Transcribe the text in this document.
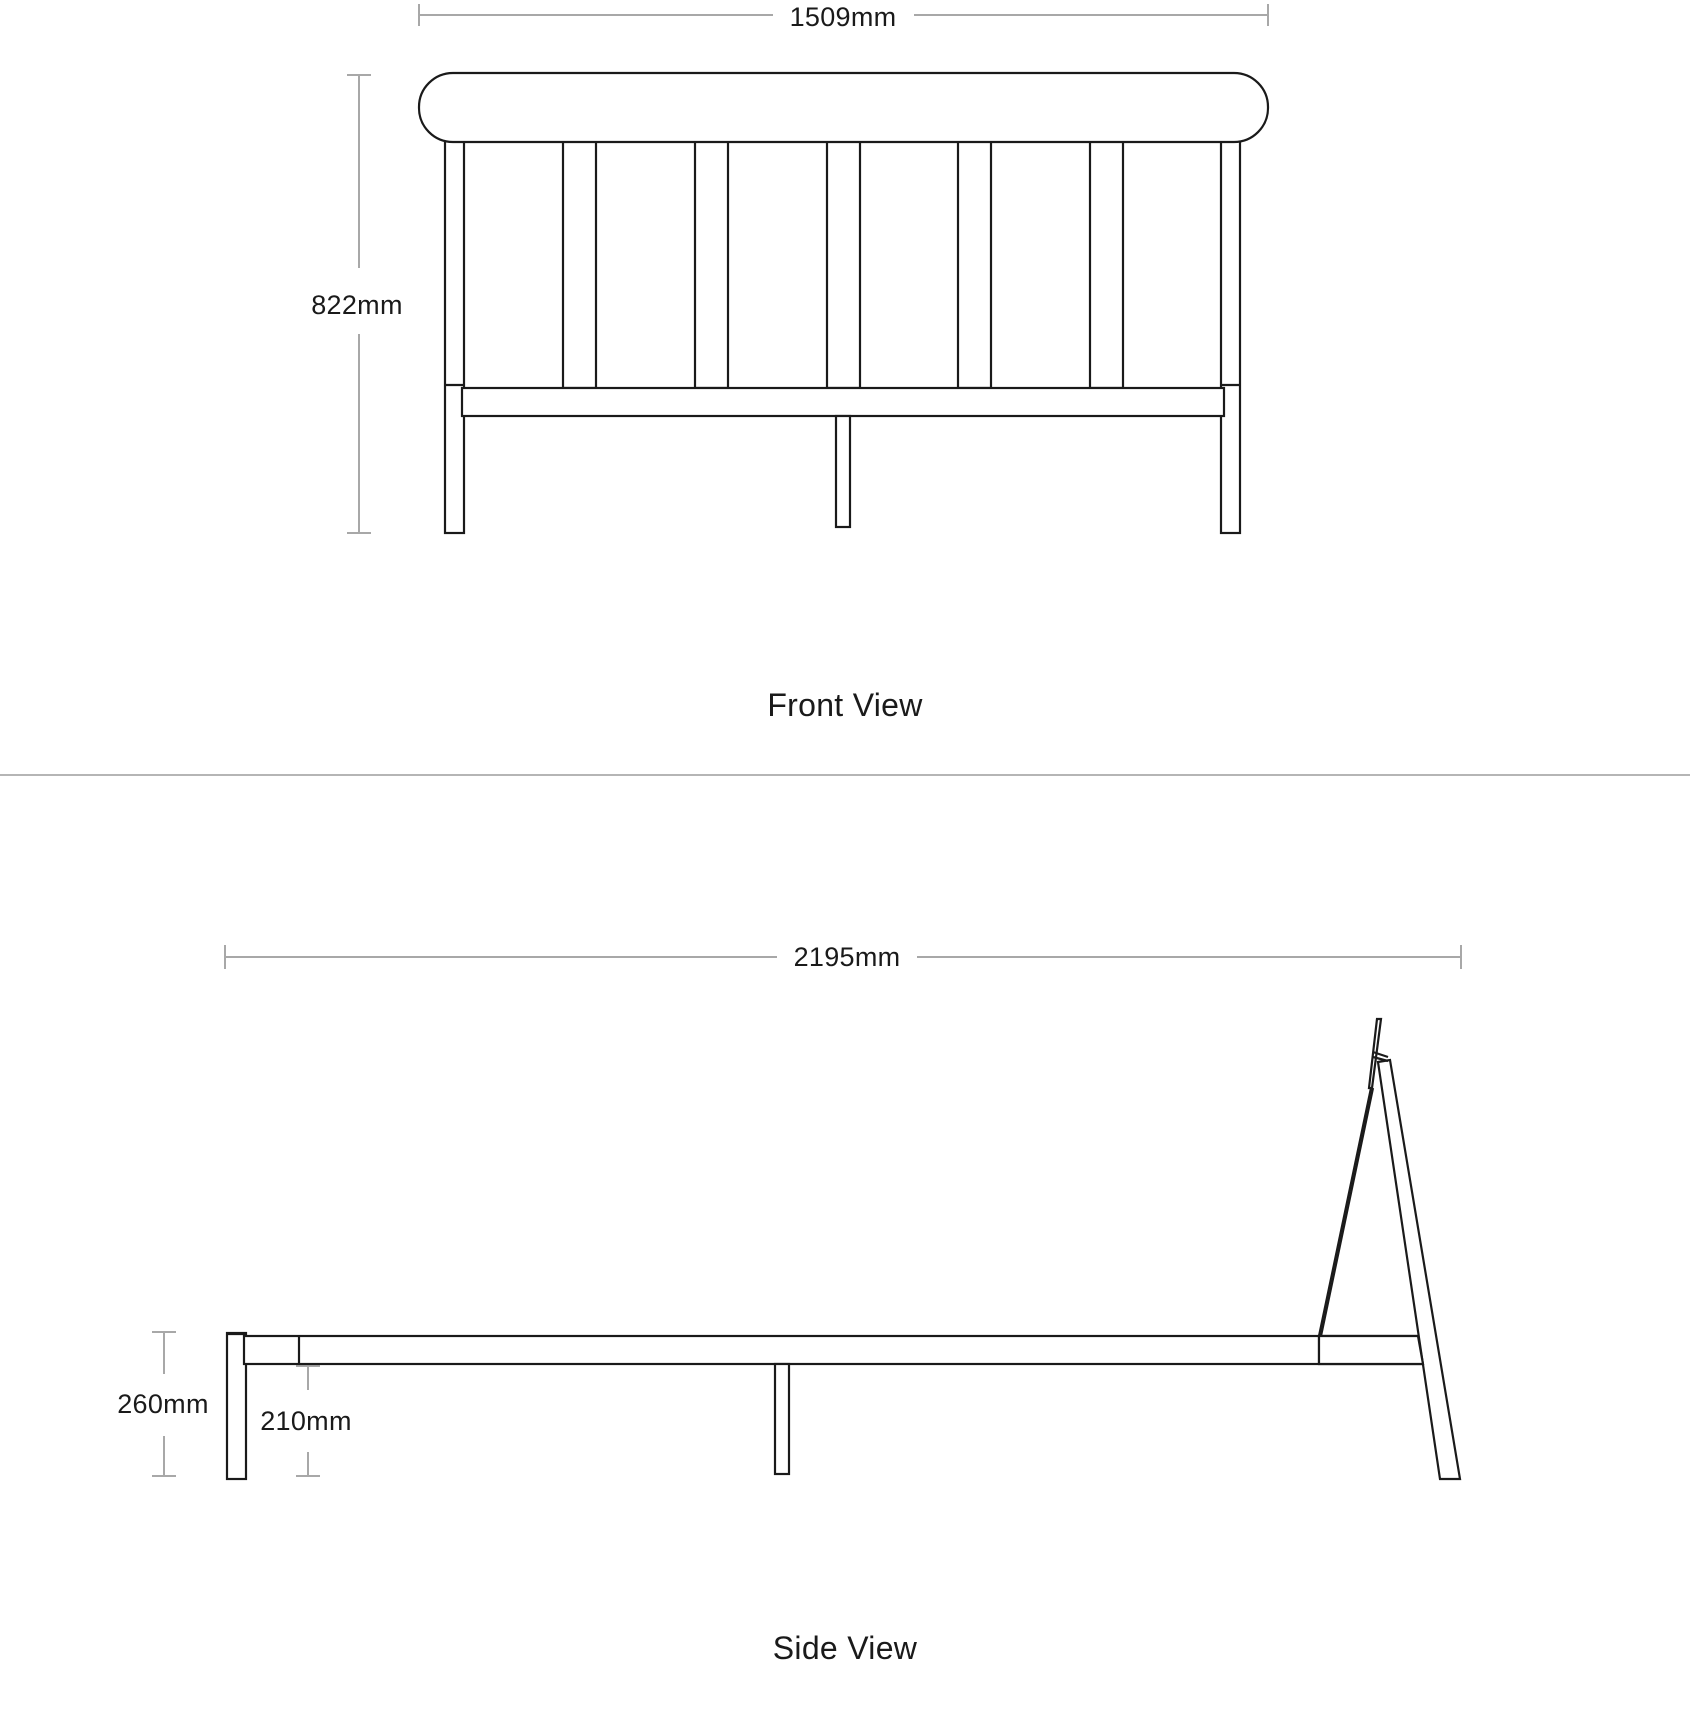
1509mm
822mm
Front View
2195mm
260mm
210mm
Side View
